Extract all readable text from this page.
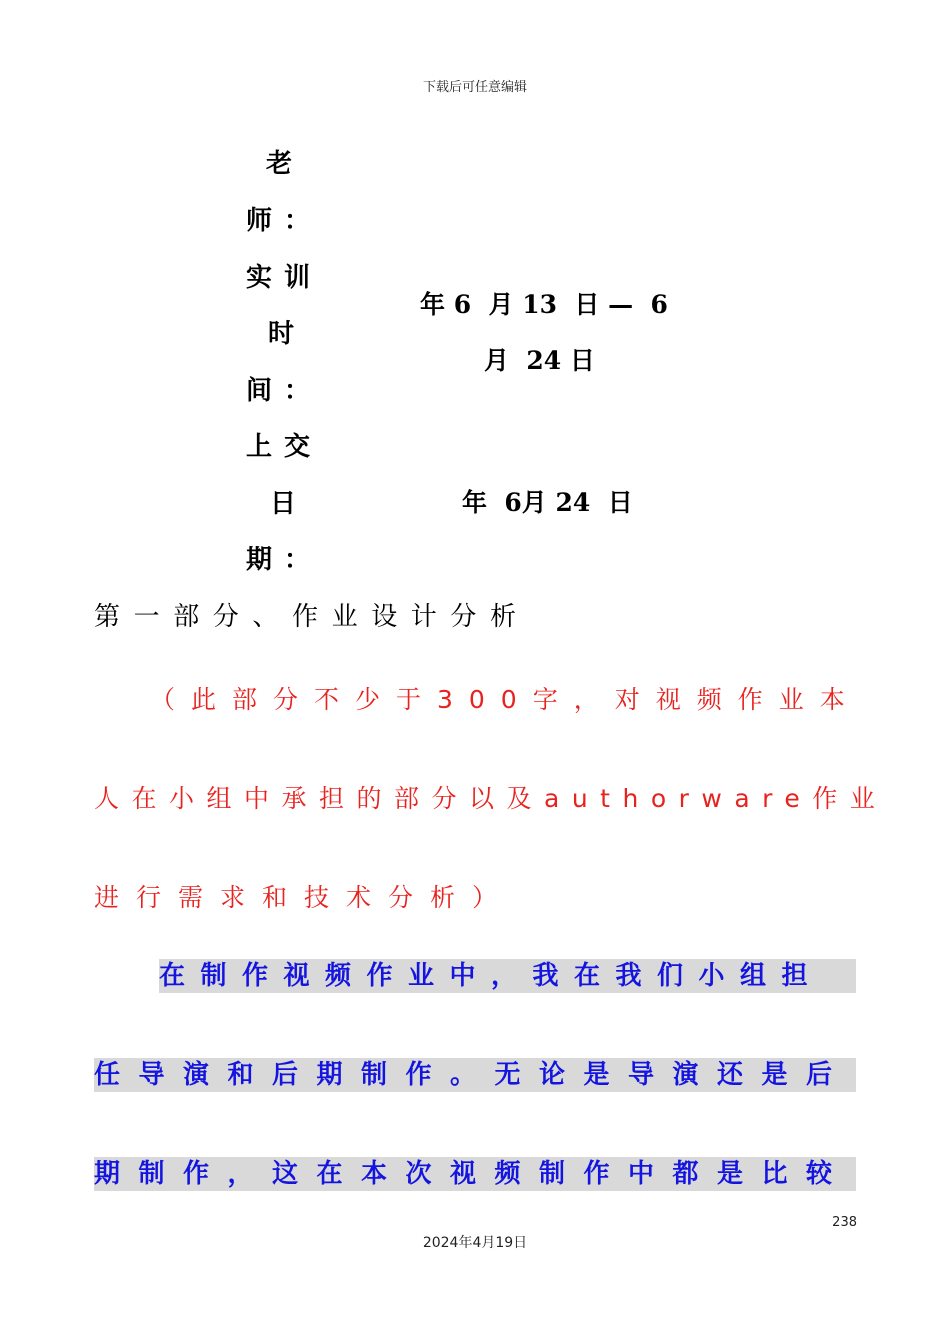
下载后可任意编辑
老
师：
实训
时
间：
年 6  月 13  日 —  6
月  24 日
上交
日
期：
年  6月 24  日
第一部分、作业设计分析
（此部分不少于300字，对视频作业本
人在小组中承担的部分以及authorware作业
进行需求和技术分析）
在制作视频作业中，我在我们小组担
任导演和后期制作。无论是导演还是后
期制作，这在本次视频制作中都是比较
238
2024年4月19日
